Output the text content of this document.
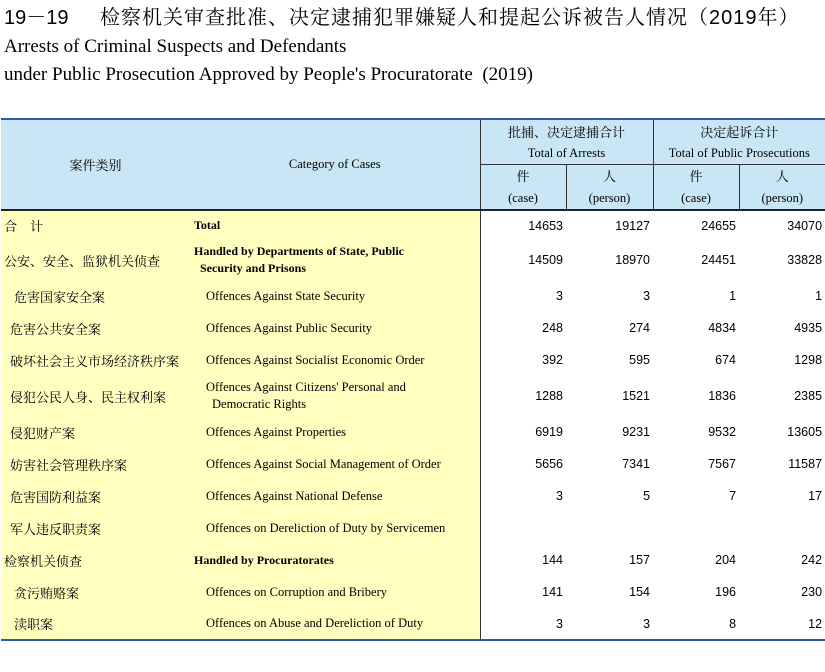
19－19 检察机关审查批准、决定逮捕犯罪嫌疑人和提起公诉被告人情况（2019年）
Arrests of Criminal Suspects and Defendants
under Public Prosecution Approved by People's Procuratorate  (2019)
案件类别	Category of Cases	批捕、决定逮捕合计		决定起诉合计	
		Total of Arrests		Total of Public Prosecutions	
		件	人	件	人
		(case)	(person)	(case)	(person)
合　计	Total	14653	19127	24655	34070
公安、安全、监狱机关侦查	Handled by Departments of State, Public
Security and Prisons	14509	18970	24451	33828
危害国家安全案	Offences Against State Security	3	3	1	1
危害公共安全案	Offences Against Public Security	248	274	4834	4935
破坏社会主义市场经济秩序案	Offences Against Socialist Economic Order	392	595	674	1298
侵犯公民人身、民主权利案	Offences Against Citizens' Personal and
Democratic Rights	1288	1521	1836	2385
侵犯财产案	Offences Against Properties	6919	9231	9532	13605
妨害社会管理秩序案	Offences Against Social Management of Order	5656	7341	7567	11587
危害国防利益案	Offences Against National Defense	3	5	7	17
军人违反职责案	Offences on Dereliction of Duty by Servicemen				

检察机关侦查	Handled by Procuratorates	144	157	204	242
贪污贿赂案	Offences on Corruption and Bribery	141	154	196	230
渎职案	Offences on Abuse and Dereliction of Duty	3	3	8	12
